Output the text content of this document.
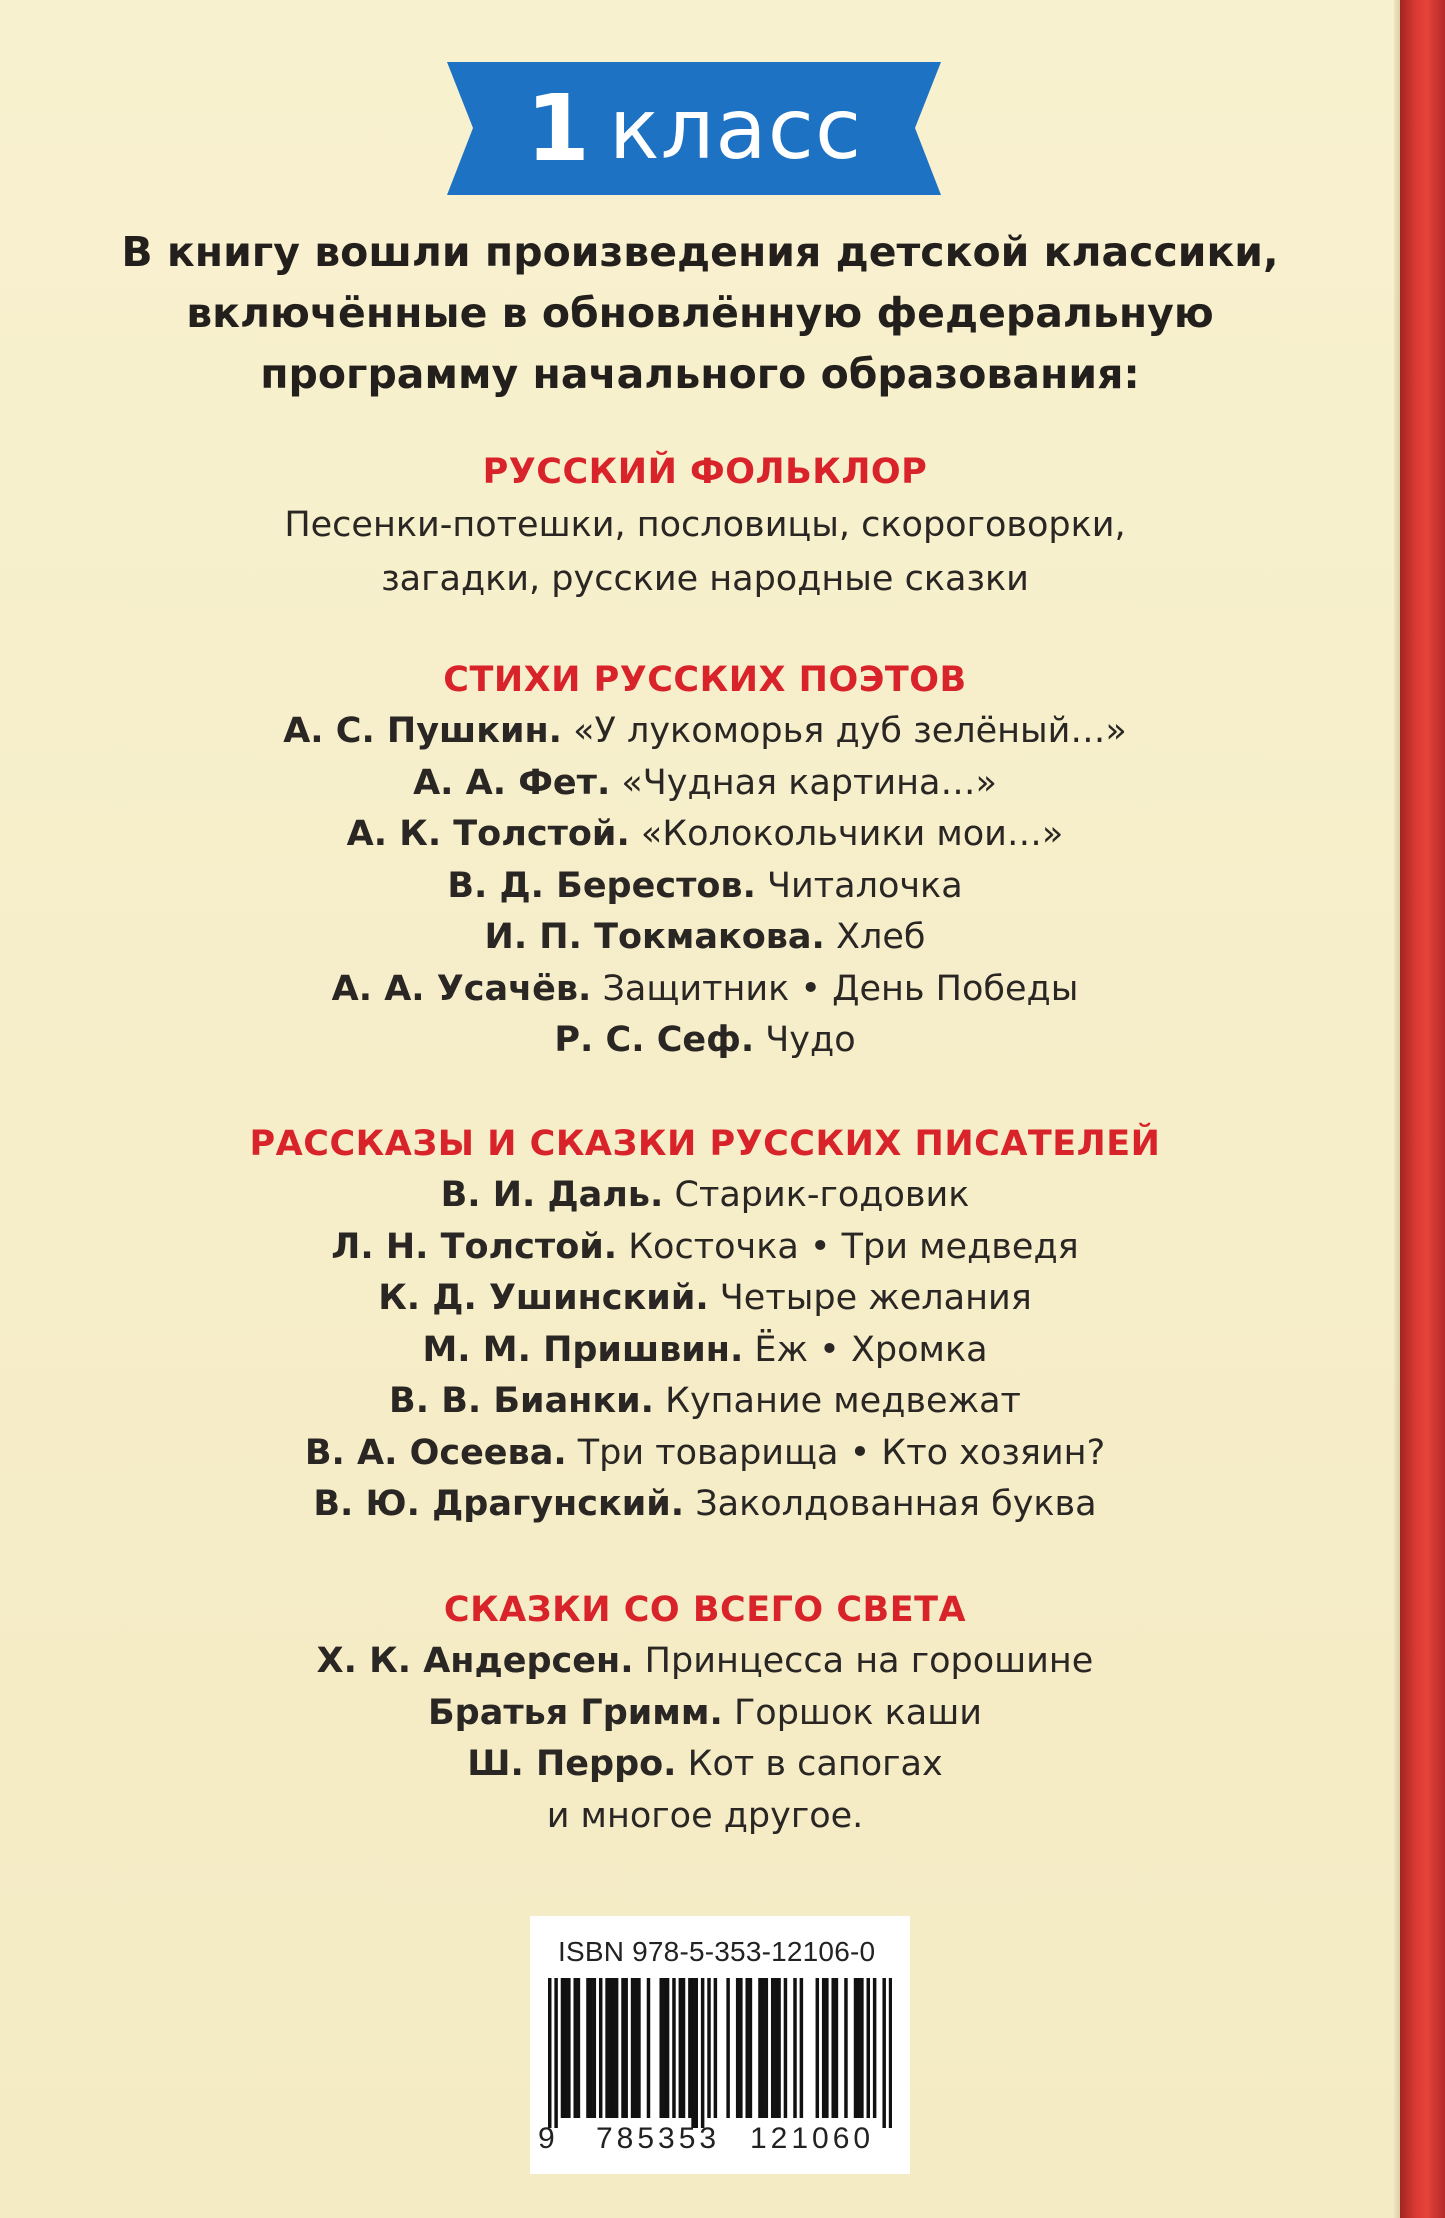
1 класс
В книгу вошли произведения детской классики,
включённые в обновлённую федеральную
программу начального образования:
РУССКИЙ ФОЛЬКЛОР
Песенки-потешки, пословицы, скороговорки,
загадки, русские народные сказки
СТИХИ РУССКИХ ПОЭТОВ
А. С. Пушкин. «У лукоморья дуб зелёный…»
А. А. Фет. «Чудная картина…»
А. К. Толстой. «Колокольчики мои…»
В. Д. Берестов. Читалочка
И. П. Токмакова. Хлеб
А. А. Усачёв. Защитник • День Победы
Р. С. Сеф. Чудо
РАССКАЗЫ И СКАЗКИ РУССКИХ ПИСАТЕЛЕЙ
В. И. Даль. Старик-годовик
Л. Н. Толстой. Косточка • Три медведя
К. Д. Ушинский. Четыре желания
М. М. Пришвин. Ёж • Хромка
В. В. Бианки. Купание медвежат
В. А. Осеева. Три товарища • Кто хозяин?
В. Ю. Драгунский. Заколдованная буква
СКАЗКИ СО ВСЕГО СВЕТА
Х. К. Андерсен. Принцесса на горошине
Братья Гримм. Горшок каши
Ш. Перро. Кот в сапогах
и многое другое.
ISBN 978-5-353-12106-0
9 785353 121060
